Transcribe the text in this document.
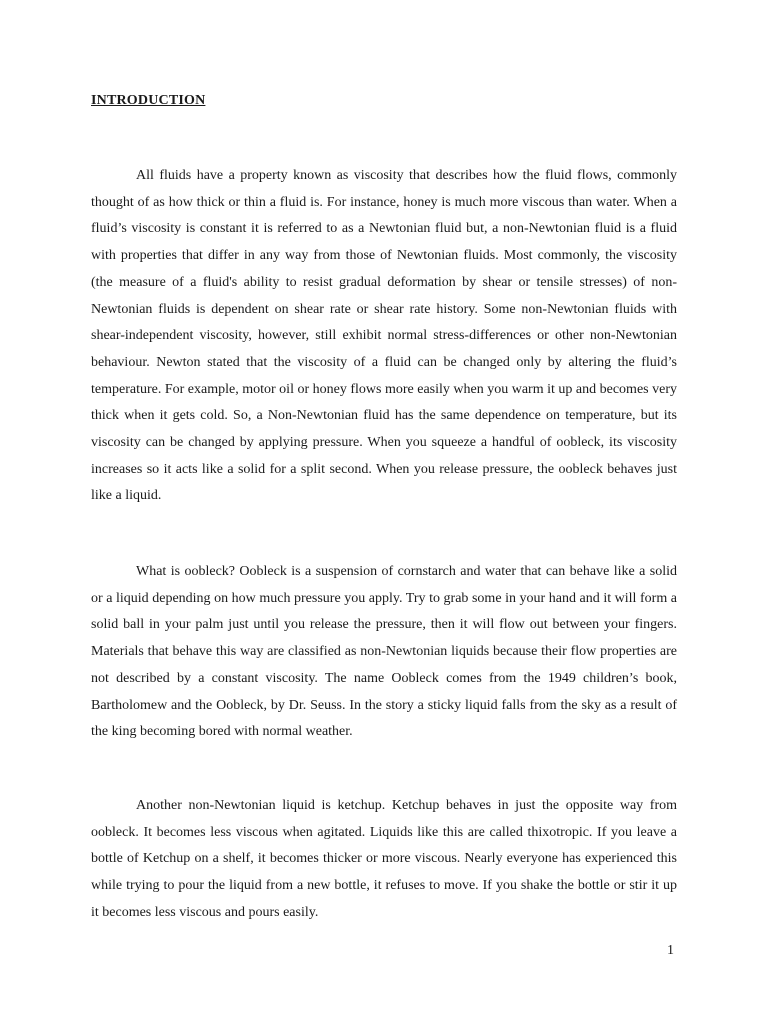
INTRODUCTION

All fluids have a property known as viscosity that describes how the fluid flows, commonly thought of as how thick or thin a fluid is. For instance, honey is much more viscous than water. When a fluid’s viscosity is constant it is referred to as a Newtonian fluid but, a non-Newtonian fluid is a fluid with properties that differ in any way from those of Newtonian fluids. Most commonly, the viscosity (the measure of a fluid's ability to resist gradual deformation by shear or tensile stresses) of non-Newtonian fluids is dependent on shear rate or shear rate history. Some non-Newtonian fluids with shear-independent viscosity, however, still exhibit normal stress-differences or other non-Newtonian behaviour. Newton stated that the viscosity of a fluid can be changed only by altering the fluid’s temperature. For example, motor oil or honey flows more easily when you warm it up and becomes very thick when it gets cold. So, a Non-Newtonian fluid has the same dependence on temperature, but its viscosity can be changed by applying pressure. When you squeeze a handful of oobleck, its viscosity increases so it acts like a solid for a split second. When you release pressure, the oobleck behaves just like a liquid.

What is oobleck? Oobleck is a suspension of cornstarch and water that can behave like a solid or a liquid depending on how much pressure you apply. Try to grab some in your hand and it will form a solid ball in your palm just until you release the pressure, then it will flow out between your fingers. Materials that behave this way are classified as non-Newtonian liquids because their flow properties are not described by a constant viscosity. The name Oobleck comes from the 1949 children’s book, Bartholomew and the Oobleck, by Dr. Seuss. In the story a sticky liquid falls from the sky as a result of the king becoming bored with normal weather.

Another non-Newtonian liquid is ketchup. Ketchup behaves in just the opposite way from oobleck. It becomes less viscous when agitated. Liquids like this are called thixotropic. If you leave a bottle of Ketchup on a shelf, it becomes thicker or more viscous. Nearly everyone has experienced this while trying to pour the liquid from a new bottle, it refuses to move. If you shake the bottle or stir it up it becomes less viscous and pours easily.

1
